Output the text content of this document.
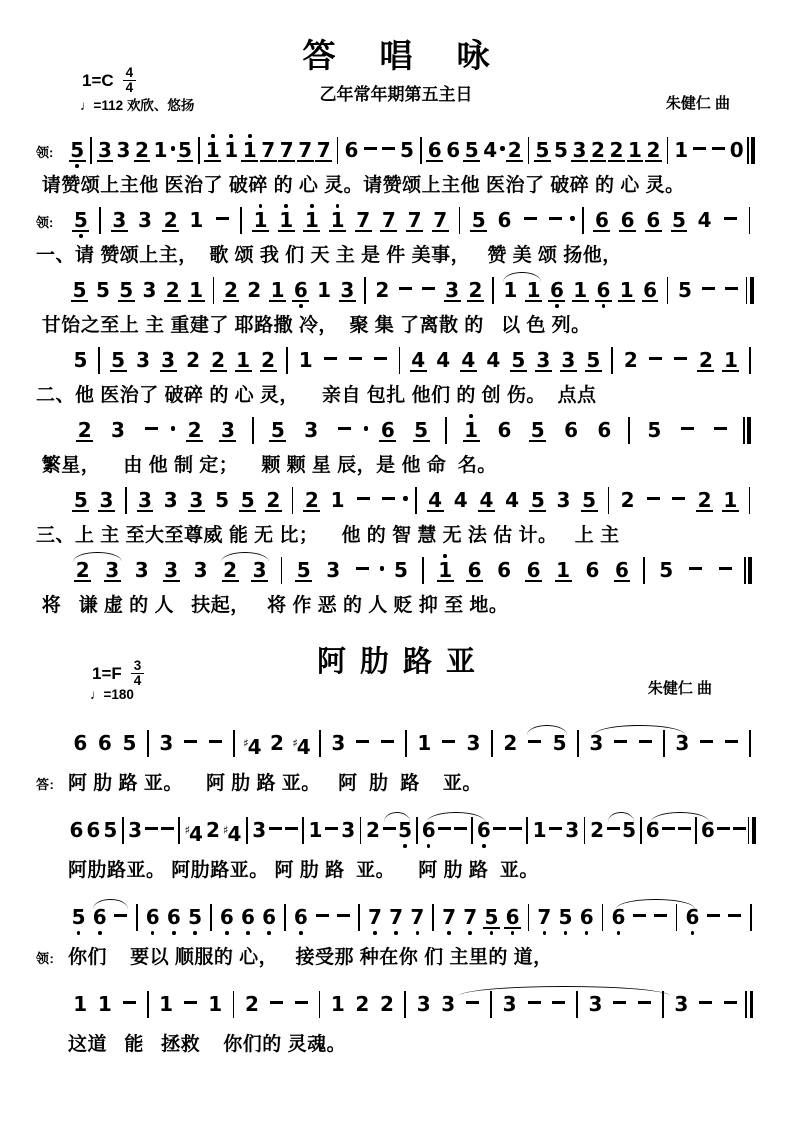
答唱咏
乙年常年期第五主日
$1=C \frac{4}{4}$
♩=112 欢欣、悠扬	朱健仁 曲
领: 5 3 3 2 1 5 1 1 1 7 7 7 7 6 5 6 6 5 4 2 5 5 3 2 2 1 2 1 0
请赞颂上主他 医治了 破碎 的 心 灵。请赞颂上主他 医治了 破碎 的 心 灵。
领:	5 3 3 2 1	1 1 1 1 7 7 7 7 5 6	6 6 6 5 4
一、请 赞颂上主，  歌 颂 我 们 天 主 是 件 美事，   赞 美 颂 扬他，
5 5 5 3 2 1 2 2 1 6 1 3 2	3 2 1 1 6 1 6 1 6 5
甘饴之至上 主 重建了 耶路撒 冷，  聚 集 了离散 的   以 色 列。
5 5 3 3 2 2 1 2 1	4 4 4 4 5 3 3 5 2	2 1
二、他 医治了 破碎 的 心 灵，    亲自 包扎 他们 的 创 伤。  点点
2 3	2 3 5 3	6 5 1 6 5 6 6 5
繁星，    由 他 制 定；    颗 颗 星 辰，是 他 命  名。
5 3 3 3 3 5 5 2 2 1	4 4 4 4 5 3 5 2	2 1
三、上 主 至大至尊威 能 无 比；    他 的 智 慧 无 法 估 计。   上 主
2 3 3 3 3 2 3 5 3	5 1 6 6 6 1 6 6 5
将   谦 虚 的 人   扶起，   将 作 恶 的 人 贬 抑 至 地。
阿肋路亚
$1=F \frac{3}{4}$
♩=180	朱健仁 曲
6 6 5 3	♯4 2 ♯4 3	1 3 2 5 3	3
答: 阿 肋 路 亚。    阿 肋 路 亚。   阿  肋  路    亚。
6 6 5 3	♯4 2 ♯4 3 1 3 2 5 6 6 1 3 2 5 6 6
阿肋路亚。 阿肋路亚。 阿 肋 路  亚。    阿 肋 路  亚。
5 6 6 6 5 6 6 6 6	7 7 7 7 7 5 6 7 5 6 6	6
领: 你们    要以 顺服的 心，   接受那 种在你 们 主里的 道，
1 1 1 1 2	1 2 2 3 3 3	3	3
这道   能   拯救    你们的 灵魂。
